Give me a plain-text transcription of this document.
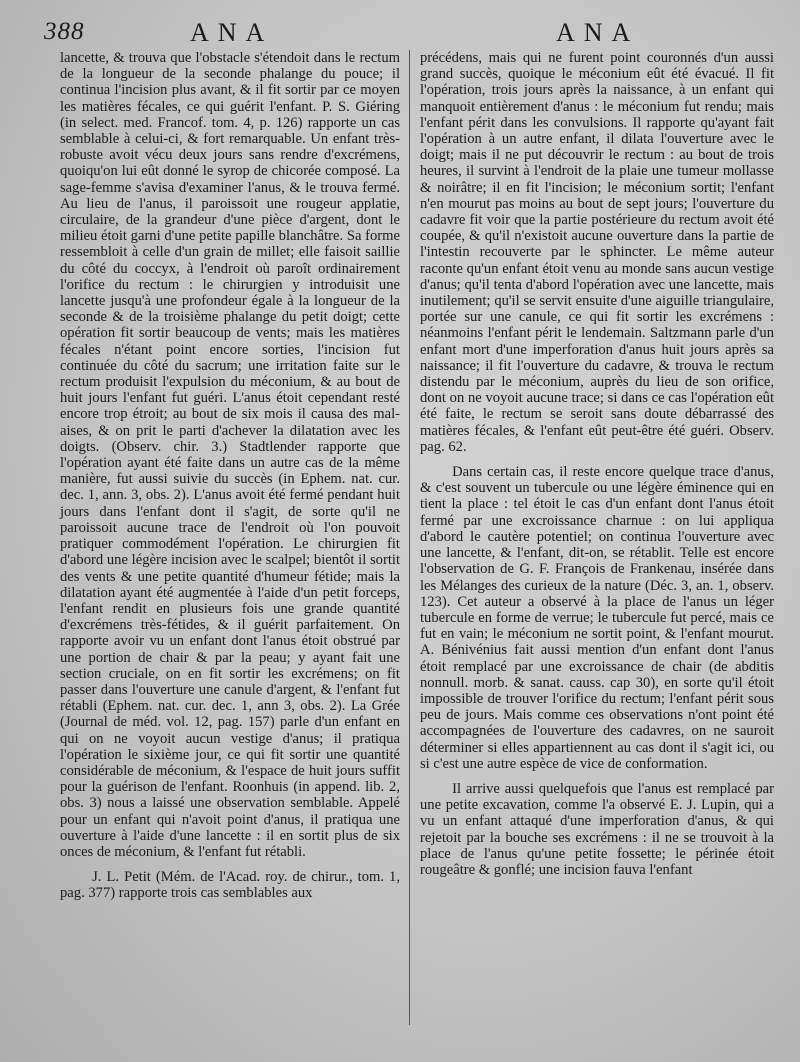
388	ANA	ANA

lancette, & trouva que l'obstacle s'étendoit dans le rectum de la longueur de la seconde phalange du pouce; il continua l'incision plus avant, & il fit sortir par ce moyen les matières fécales, ce qui guérit l'enfant. P. S. Giéring (in select. med. Francof. tom. 4, p. 126) rapporte un cas semblable à celui-ci, & fort remarquable. Un enfant très-robuste avoit vécu deux jours sans rendre d'excrémens, quoiqu'on lui eût donné le syrop de chicorée composé. La sage-femme s'avisa d'examiner l'anus, & le trouva fermé. Au lieu de l'anus, il paroissoit une rougeur applatie, circulaire, de la grandeur d'une pièce d'argent, dont le milieu étoit garni d'une petite papille blanchâtre. Sa forme ressembloit à celle d'un grain de millet; elle faisoit saillie du côté du coccyx, à l'endroit où paroît ordinairement l'orifice du rectum : le chirurgien y introduisit une lancette jusqu'à une profondeur égale à la longueur de la seconde & de la troisième phalange du petit doigt; cette opération fit sortir beaucoup de vents; mais les matières fécales n'étant point encore sorties, l'incision fut continuée du côté du sacrum; une irritation faite sur le rectum produisit l'expulsion du méconium, & au bout de huit jours l'enfant fut guéri. L'anus étoit cependant resté encore trop étroit; au bout de six mois il causa des mal-aises, & on prit le parti d'achever la dilatation avec les doigts. (Observ. chir. 3.) Stadtlender rapporte que l'opération ayant été faite dans un autre cas de la même manière, fut aussi suivie du succès (in Ephem. nat. cur. dec. 1, ann. 3, obs. 2). L'anus avoit été fermé pendant huit jours dans l'enfant dont il s'agit, de sorte qu'il ne paroissoit aucune trace de l'endroit où l'on pouvoit pratiquer commodément l'opération. Le chirurgien fit d'abord une légère incision avec le scalpel; bientôt il sortit des vents & une petite quantité d'humeur fétide; mais la dilatation ayant été augmentée à l'aide d'un petit forceps, l'enfant rendit en plusieurs fois une grande quantité d'excrémens très-fétides, & il guérit parfaitement. On rapporte avoir vu un enfant dont l'anus étoit obstrué par une portion de chair & par la peau; y ayant fait une section cruciale, on en fit sortir les excrémens; on fit passer dans l'ouverture une canule d'argent, & l'enfant fut rétabli (Ephem. nat. cur. dec. 1, ann 3, obs. 2). La Grée (Journal de méd. vol. 12, pag. 157) parle d'un enfant en qui on ne voyoit aucun vestige d'anus; il pratiqua l'opération le sixième jour, ce qui fit sortir une quantité considérable de méconium, & l'espace de huit jours suffit pour la guérison de l'enfant. Roonhuis (in append. lib. 2, obs. 3) nous a laissé une observation semblable. Appelé pour un enfant qui n'avoit point d'anus, il pratiqua une ouverture à l'aide d'une lancette : il en sortit plus de six onces de méconium, & l'enfant fut rétabli.

J. L. Petit (Mém. de l'Acad. roy. de chirur., tom. 1, pag. 377) rapporte trois cas semblables aux

précédens, mais qui ne furent point couronnés d'un aussi grand succès, quoique le méconium eût été évacué. Il fit l'opération, trois jours après la naissance, à un enfant qui manquoit entièrement d'anus : le méconium fut rendu; mais l'enfant périt dans les convulsions. Il rapporte qu'ayant fait l'opération à un autre enfant, il dilata l'ouverture avec le doigt; mais il ne put découvrir le rectum : au bout de trois heures, il survint à l'endroit de la plaie une tumeur mollasse & noirâtre; il en fit l'incision; le méconium sortit; l'enfant n'en mourut pas moins au bout de sept jours; l'ouverture du cadavre fit voir que la partie postérieure du rectum avoit été coupée, & qu'il n'existoit aucune ouverture dans la partie de l'intestin recouverte par le sphincter. Le même auteur raconte qu'un enfant étoit venu au monde sans aucun vestige d'anus; qu'il tenta d'abord l'opération avec une lancette, mais inutilement; qu'il se servit ensuite d'une aiguille triangulaire, portée sur une canule, ce qui fit sortir les excrémens : néanmoins l'enfant périt le lendemain. Saltzmann parle d'un enfant mort d'une imperforation d'anus huit jours après sa naissance; il fit l'ouverture du cadavre, & trouva le rectum distendu par le méconium, auprès du lieu de son orifice, dont on ne voyoit aucune trace; si dans ce cas l'opération eût été faite, le rectum se seroit sans doute débarrassé des matières fécales, & l'enfant eût peut-être été guéri. Observ. pag. 62.

Dans certain cas, il reste encore quelque trace d'anus, & c'est souvent un tubercule ou une légère éminence qui en tient la place : tel étoit le cas d'un enfant dont l'anus étoit fermé par une excroissance charnue : on lui appliqua d'abord le cautère potentiel; on continua l'ouverture avec une lancette, & l'enfant, dit-on, se rétablit. Telle est encore l'observation de G. F. François de Frankenau, insérée dans les Mélanges des curieux de la nature (Déc. 3, an. 1, observ. 123). Cet auteur a observé à la place de l'anus un léger tubercule en forme de verrue; le tubercule fut percé, mais ce fut en vain; le méconium ne sortit point, & l'enfant mourut. A. Bénivénius fait aussi mention d'un enfant dont l'anus étoit remplacé par une excroissance de chair (de abditis nonnull. morb. & sanat. causs. cap 30), en sorte qu'il étoit impossible de trouver l'orifice du rectum; l'enfant périt sous peu de jours. Mais comme ces observations n'ont point été accompagnées de l'ouverture des cadavres, on ne sauroit déterminer si elles appartiennent au cas dont il s'agit ici, ou si c'est une autre espèce de vice de conformation.

Il arrive aussi quelquefois que l'anus est remplacé par une petite excavation, comme l'a observé E. J. Lupin, qui a vu un enfant attaqué d'une imperforation d'anus, & qui rejetoit par la bouche ses excrémens : il ne se trouvoit à la place de l'anus qu'une petite fossette; le périnée étoit rougeâtre & gonflé; une incision fauva l'enfant
